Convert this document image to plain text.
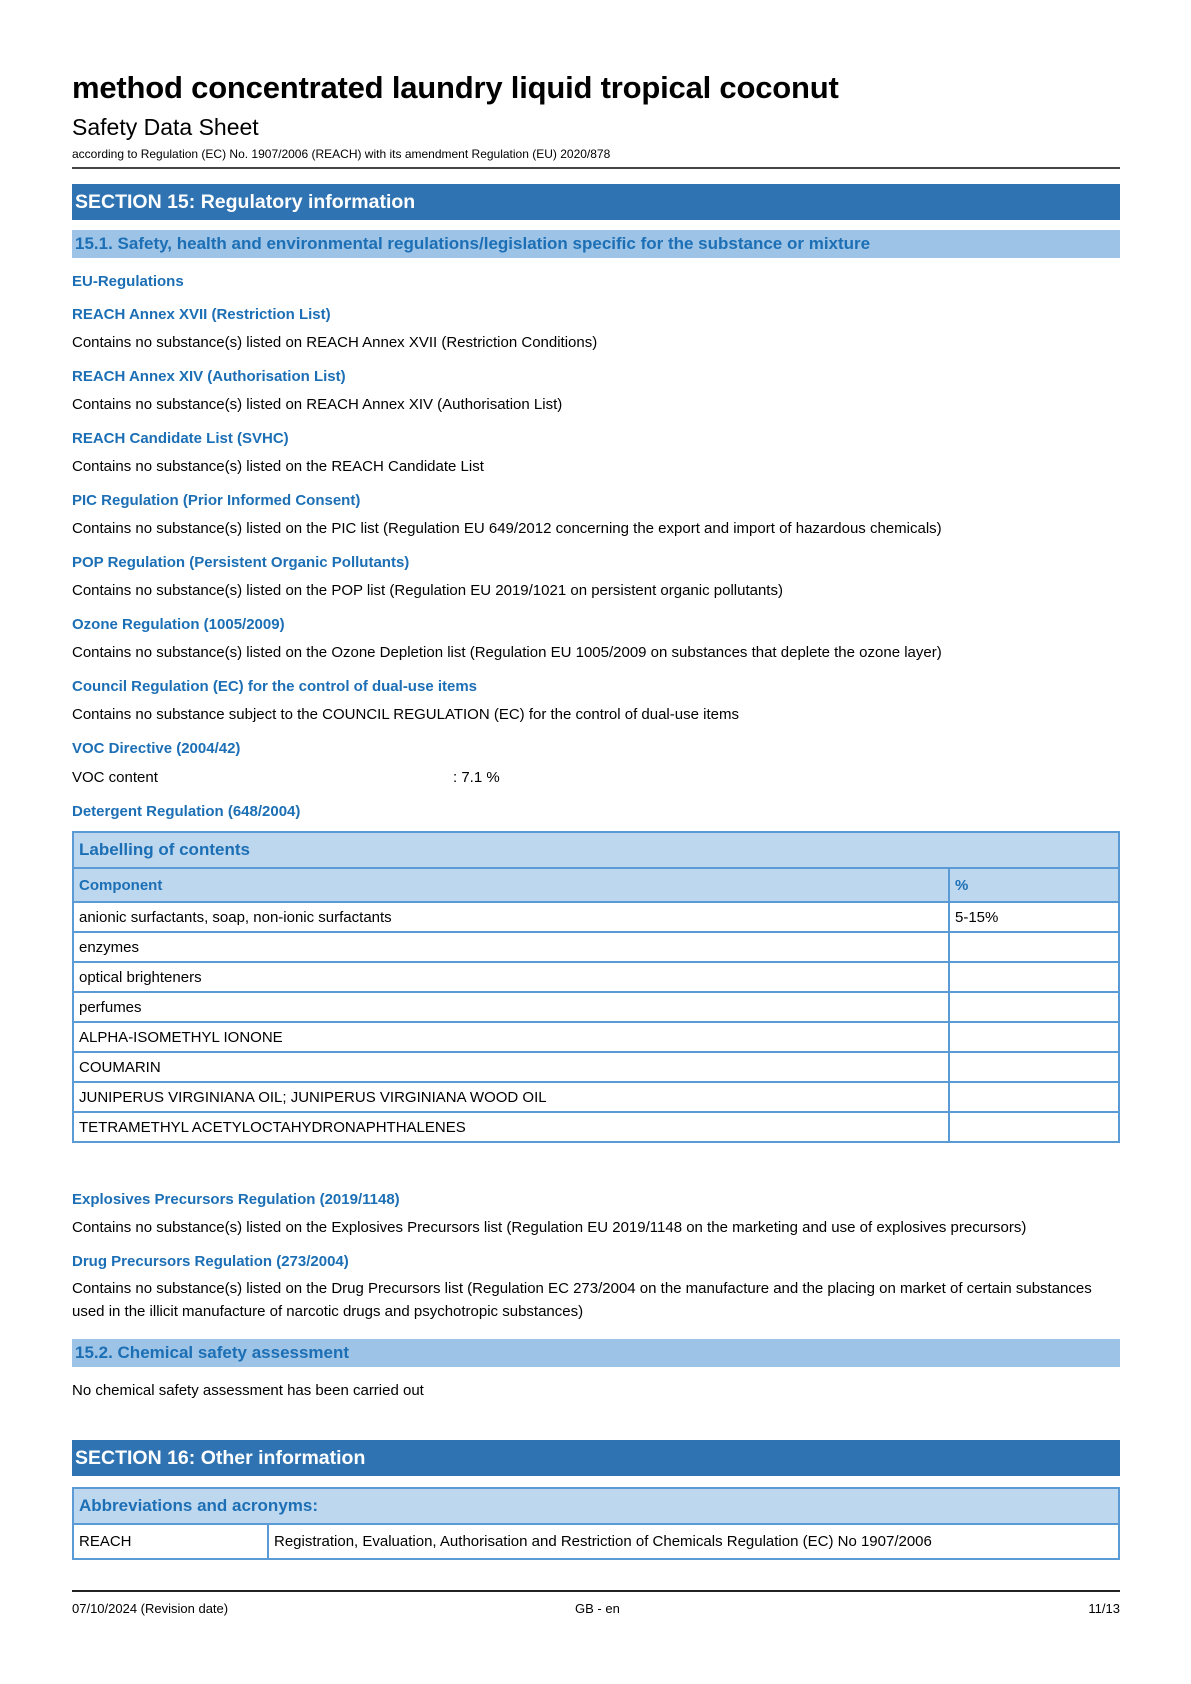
method concentrated laundry liquid tropical coconut
Safety Data Sheet
according to Regulation (EC) No. 1907/2006 (REACH) with its amendment Regulation (EU) 2020/878
SECTION 15: Regulatory information
15.1. Safety, health and environmental regulations/legislation specific for the substance or mixture
EU-Regulations
REACH Annex XVII (Restriction List)
Contains no substance(s) listed on REACH Annex XVII (Restriction Conditions)
REACH Annex XIV (Authorisation List)
Contains no substance(s) listed on REACH Annex XIV (Authorisation List)
REACH Candidate List (SVHC)
Contains no substance(s) listed on the REACH Candidate List
PIC Regulation (Prior Informed Consent)
Contains no substance(s) listed on the PIC list (Regulation EU 649/2012 concerning the export and import of hazardous chemicals)
POP Regulation (Persistent Organic Pollutants)
Contains no substance(s) listed on the POP list (Regulation EU 2019/1021 on persistent organic pollutants)
Ozone Regulation (1005/2009)
Contains no substance(s) listed on the Ozone Depletion list (Regulation EU 1005/2009 on substances that deplete the ozone layer)
Council Regulation (EC) for the control of dual-use items
Contains no substance subject to the COUNCIL REGULATION (EC) for the control of dual-use items
VOC Directive (2004/42)
VOC content	: 7.1 %
Detergent Regulation (648/2004)
Labelling of contents	
Component	%
anionic surfactants, soap, non-ionic surfactants	5-15%
enzymes	
optical brighteners	
perfumes	
ALPHA-ISOMETHYL IONONE	
COUMARIN	
JUNIPERUS VIRGINIANA OIL; JUNIPERUS VIRGINIANA WOOD OIL	
TETRAMETHYL ACETYLOCTAHYDRONAPHTHALENES	
Explosives Precursors Regulation (2019/1148)
Contains no substance(s) listed on the Explosives Precursors list (Regulation EU 2019/1148 on the marketing and use of explosives precursors)
Drug Precursors Regulation (273/2004)
Contains no substance(s) listed on the Drug Precursors list (Regulation EC 273/2004 on the manufacture and the placing on market of certain substances used in the illicit manufacture of narcotic drugs and psychotropic substances)
15.2. Chemical safety assessment
No chemical safety assessment has been carried out
SECTION 16: Other information
Abbreviations and acronyms:
REACH	Registration, Evaluation, Authorisation and Restriction of Chemicals Regulation (EC) No 1907/2006
07/10/2024 (Revision date)	GB - en	11/13
